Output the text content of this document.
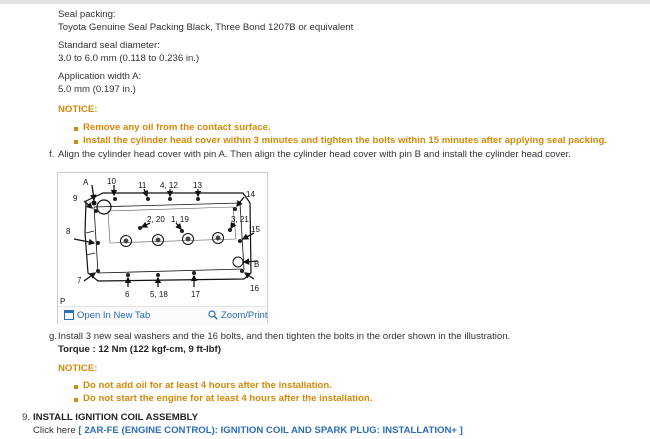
Seal packing:
Toyota Genuine Seal Packing Black, Three Bond 1207B or equivalent
Standard seal diameter:
3.0 to 6.0 mm (0.118 to 0.236 in.)
Application width A:
5.0 mm (0.197 in.)
NOTICE:
Remove any oil from the contact surface.
Install the cylinder head cover within 3 minutes and tighten the bolts within 15 minutes after applying seal packing.
f. Align the cylinder head cover with pin A. Then align the cylinder head cover with pin B and install the cylinder head cover.
A 10	11 4, 12 13
14
9
8
2, 20 1, 19	3, 21
15
B
7
16
6	5, 18	17
P
Open In New Tab	Zoom/Print
g. Install 3 new seal washers and the 16 bolts, and then tighten the bolts in the order shown in the illustration.
Torque : 12 Nm (122 kgf-cm, 9 ft-lbf)
NOTICE:
Do not add oil for at least 4 hours after the installation.
Do not start the engine for at least 4 hours after the installation.
9. INSTALL IGNITION COIL ASSEMBLY
Click here [ 2AR-FE (ENGINE CONTROL): IGNITION COIL AND SPARK PLUG: INSTALLATION+ ]
